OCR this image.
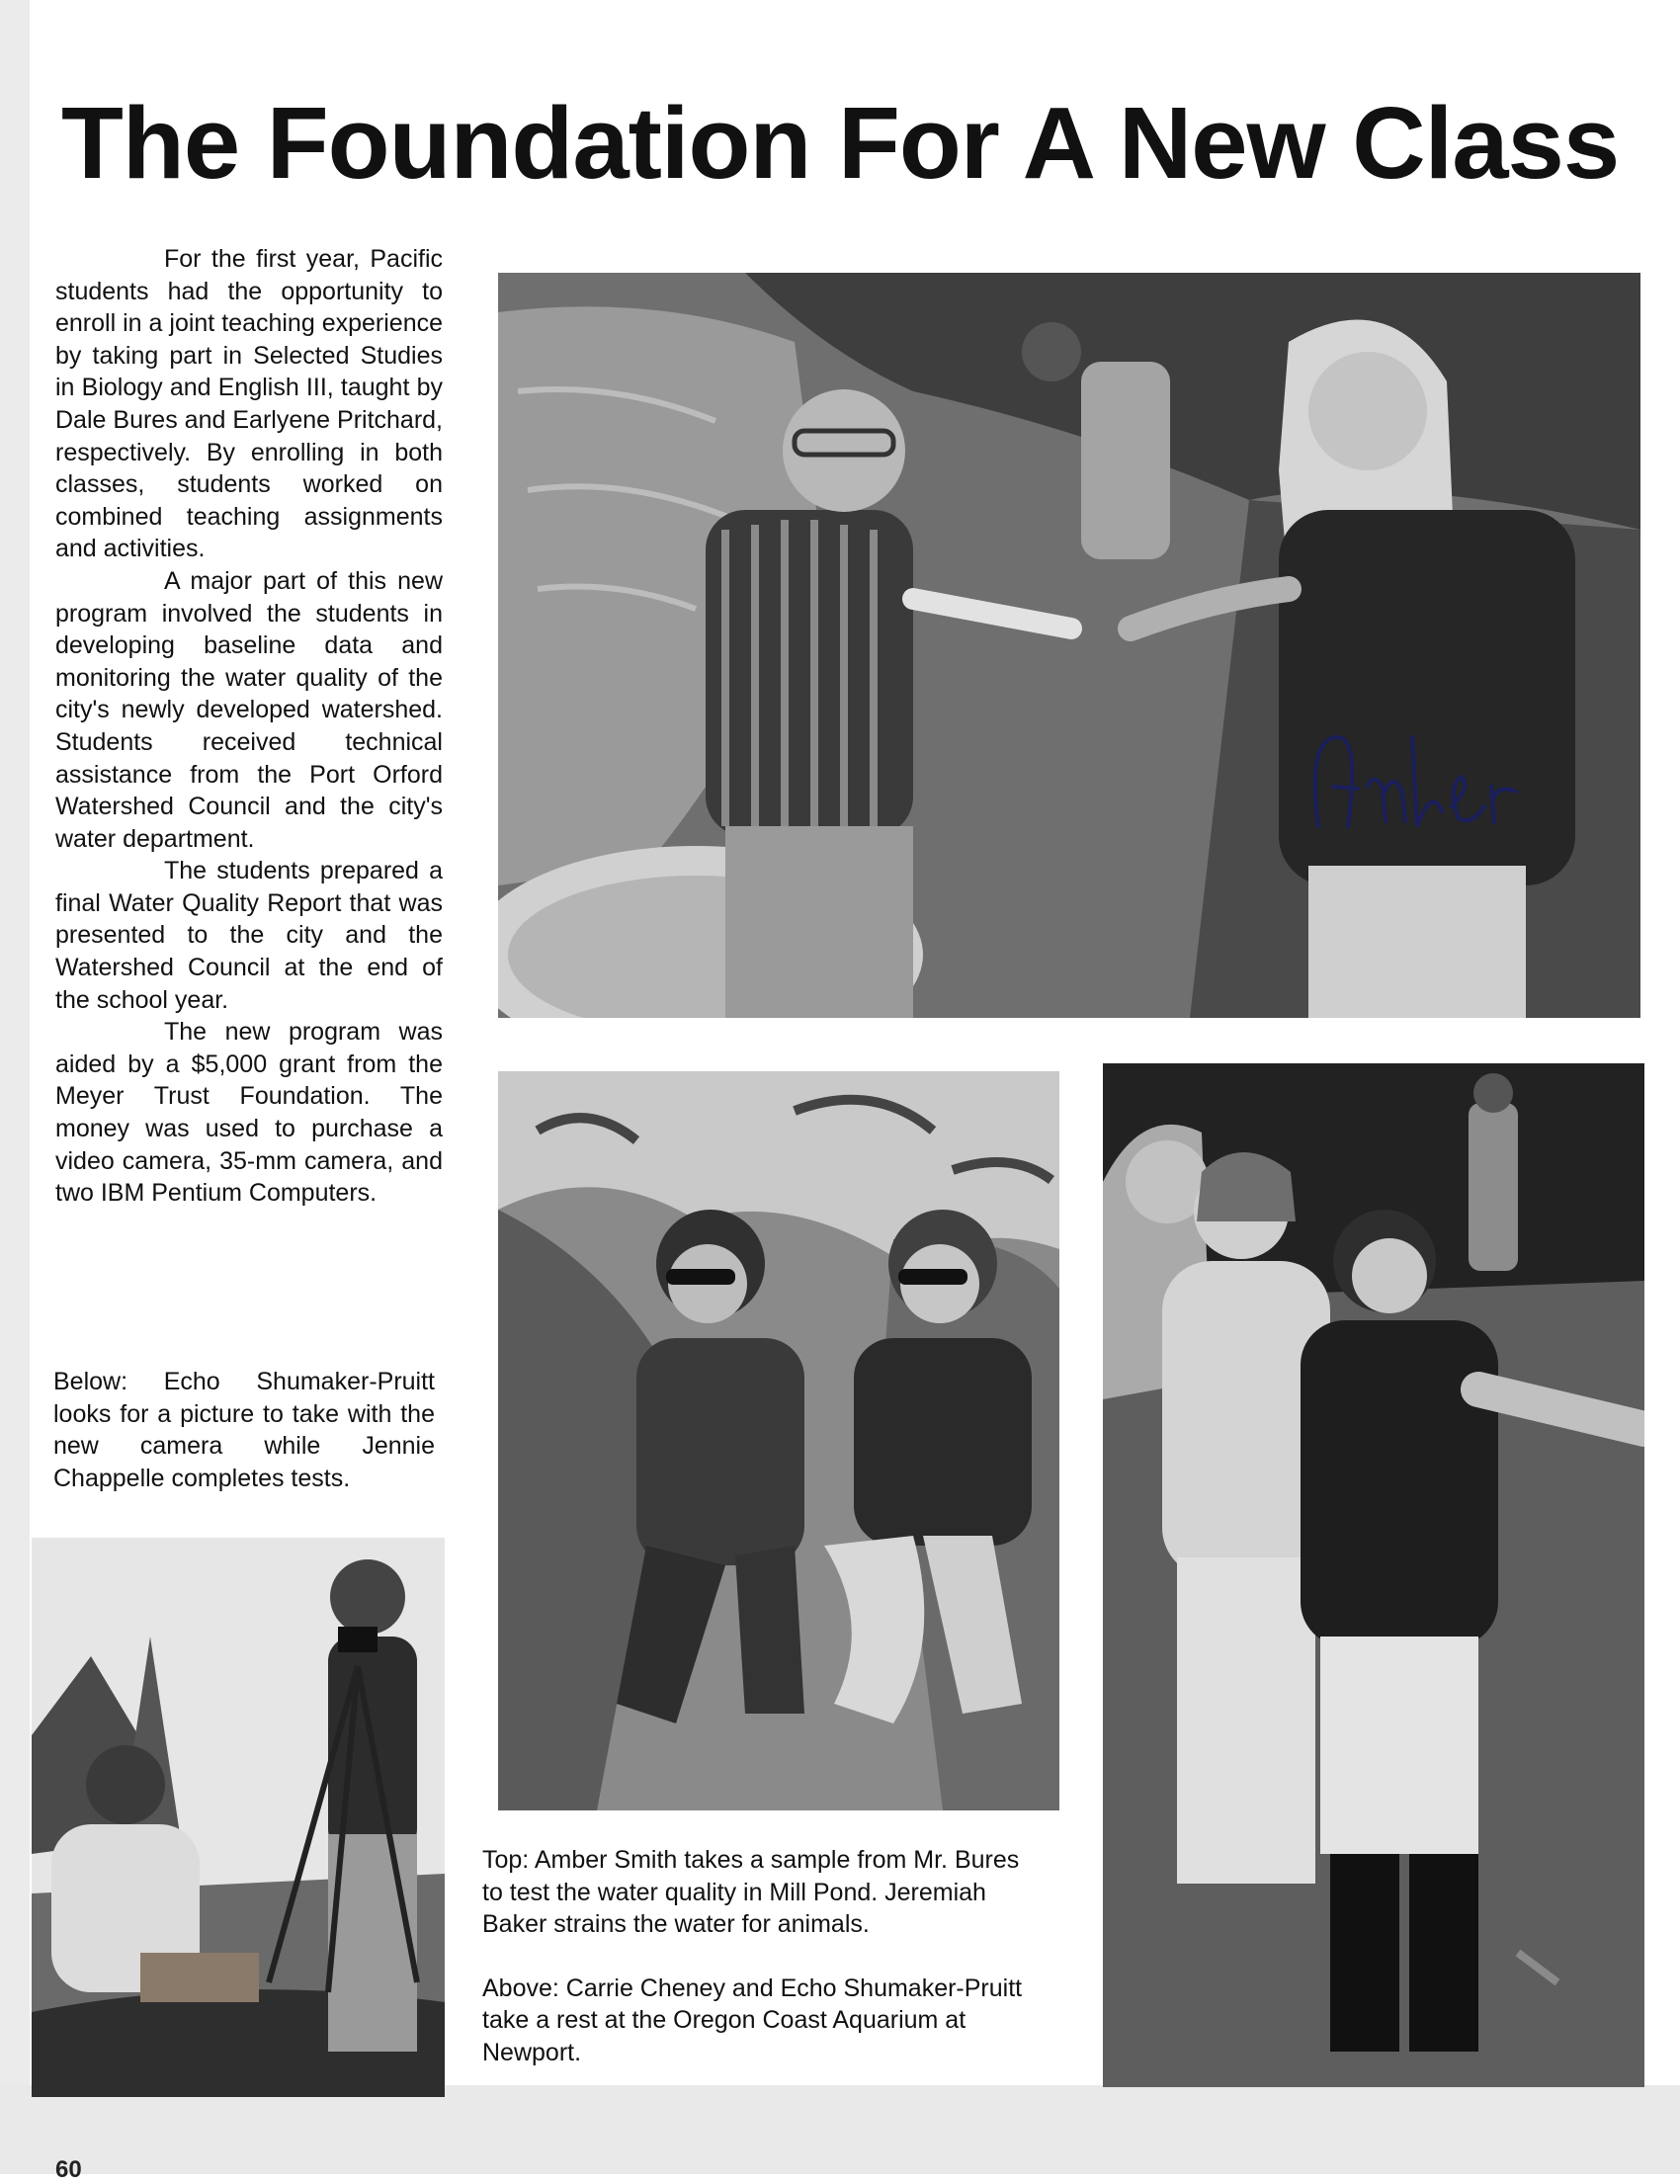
The Foundation For A New Class

For the first year, Pacific students had the opportunity to enroll in a joint teaching experience by taking part in Selected Studies in Biology and English III, taught by Dale Bures and Earlyene Pritchard, respectively. By enrolling in both classes, students worked on combined teaching assignments and activities.

A major part of this new program involved the students in developing baseline data and monitoring the water quality of the city's newly developed watershed. Students received technical assistance from the Port Orford Watershed Council and the city's water department.

The students prepared a final Water Quality Report that was presented to the city and the Watershed Council at the end of the school year.

The new program was aided by a $5,000 grant from the Meyer Trust Foundation. The money was used to purchase a video camera, 35-mm camera, and two IBM Pentium Computers.

Below: Echo Shumaker-Pruitt looks for a picture to take with the new camera while Jennie Chappelle completes tests.

Top: Amber Smith takes a sample from Mr. Bures to test the water quality in Mill Pond. Jeremiah Baker strains the water for animals.

Above: Carrie Cheney and Echo Shumaker-Pruitt take a rest at the Oregon Coast Aquarium at Newport.

60
